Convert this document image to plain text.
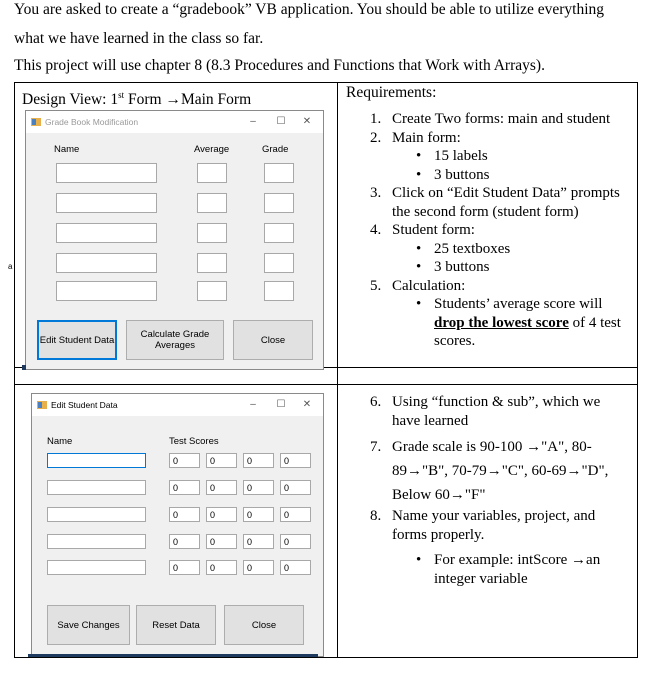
You are asked to create a “gradebook” VB application. You should be able to utilize everything
what we have learned in the class so far.
This project will use chapter 8 (8.3 Procedures and Functions that Work with Arrays).
Design View: 1st Form →Main Form	Requirements:
1. Create Two forms: main and student
2. Main form:
• 15 labels
• 3 buttons
3. Click on “Edit Student Data” prompts the second form (student form)
4. Student form:
• 25 textboxes
• 3 buttons
5. Calculation:
• Students’ average score will drop the lowest score of 4 test scores.
6. Using “function & sub”, which we have learned
7. Grade scale is 90-100 →"A", 80-89→"B", 70-79→"C", 60-69→"D", Below 60→"F"
8. Name your variables, project, and forms properly.
• For example: intScore →an integer variable
a
Grade Book Modification	–	☐	✕
Name	Average	Grade
Edit Student Data	Calculate Grade Averages	Close
Edit Student Data	–	☐	✕
Name	Test Scores
0	0	0	0
0	0	0	0
0	0	0	0
0	0	0	0
0	0	0	0
Save Changes	Reset Data	Close
